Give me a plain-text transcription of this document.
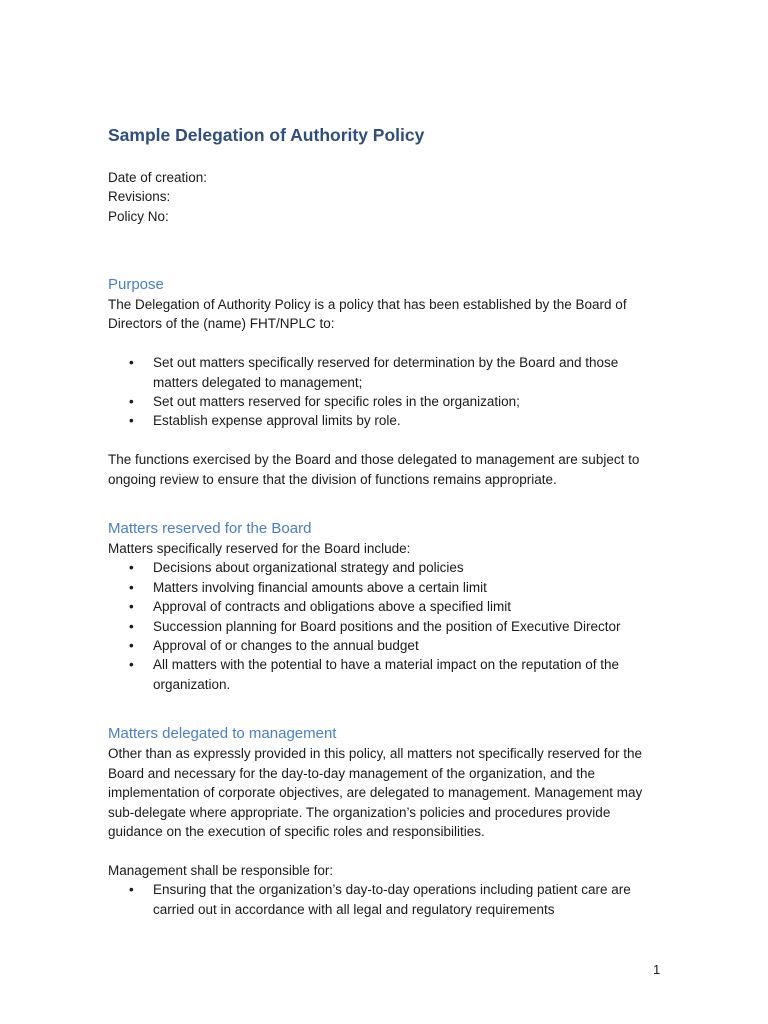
Sample Delegation of Authority Policy
Date of creation:
Revisions:
Policy No:
Purpose

The Delegation of Authority Policy is a policy that has been established by the Board of Directors of the (name) FHT/NPLC to:

• Set out matters specifically reserved for determination by the Board and those matters delegated to management;
• Set out matters reserved for specific roles in the organization;
• Establish expense approval limits by role.

The functions exercised by the Board and those delegated to management are subject to ongoing review to ensure that the division of functions remains appropriate.

Matters reserved for the Board

Matters specifically reserved for the Board include:

• Decisions about organizational strategy and policies
• Matters involving financial amounts above a certain limit
• Approval of contracts and obligations above a specified limit
• Succession planning for Board positions and the position of Executive Director
• Approval of or changes to the annual budget
• All matters with the potential to have a material impact on the reputation of the organization.
Matters delegated to management

Other than as expressly provided in this policy, all matters not specifically reserved for the Board and necessary for the day-to-day management of the organization, and the implementation of corporate objectives, are delegated to management. Management may sub-delegate where appropriate. The organization’s policies and procedures provide guidance on the execution of specific roles and responsibilities.

Management shall be responsible for:

• Ensuring that the organization’s day-to-day operations including patient care are carried out in accordance with all legal and regulatory requirements
1
